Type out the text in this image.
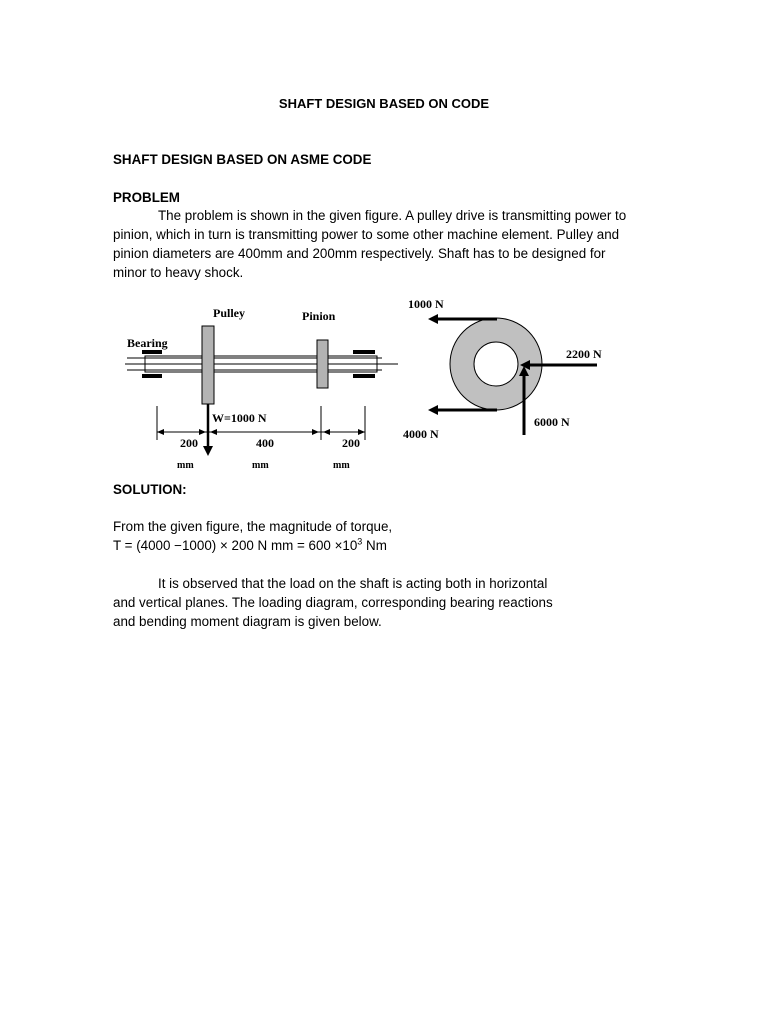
SHAFT DESIGN BASED ON CODE
SHAFT DESIGN BASED ON ASME CODE
PROBLEM

The problem is shown in the given figure. A pulley drive is transmitting power to

pinion, which in turn is transmitting power to some other machine element. Pulley and

pinion diameters are 400mm and 200mm respectively. Shaft has to be designed for

minor to heavy shock.

Pulley	Pinion
Bearing
W=1000 N
200	400	200
mm	mm	mm
1000 N
2200 N
4000 N
6000 N
SOLUTION:

From the given figure, the magnitude of torque,

T = (4000 −1000) × 200 N mm = $600 \times 10^3$ Nm

It is observed that the load on the shaft is acting both in horizontal

and vertical planes. The loading diagram, corresponding bearing reactions

and bending moment diagram is given below.
